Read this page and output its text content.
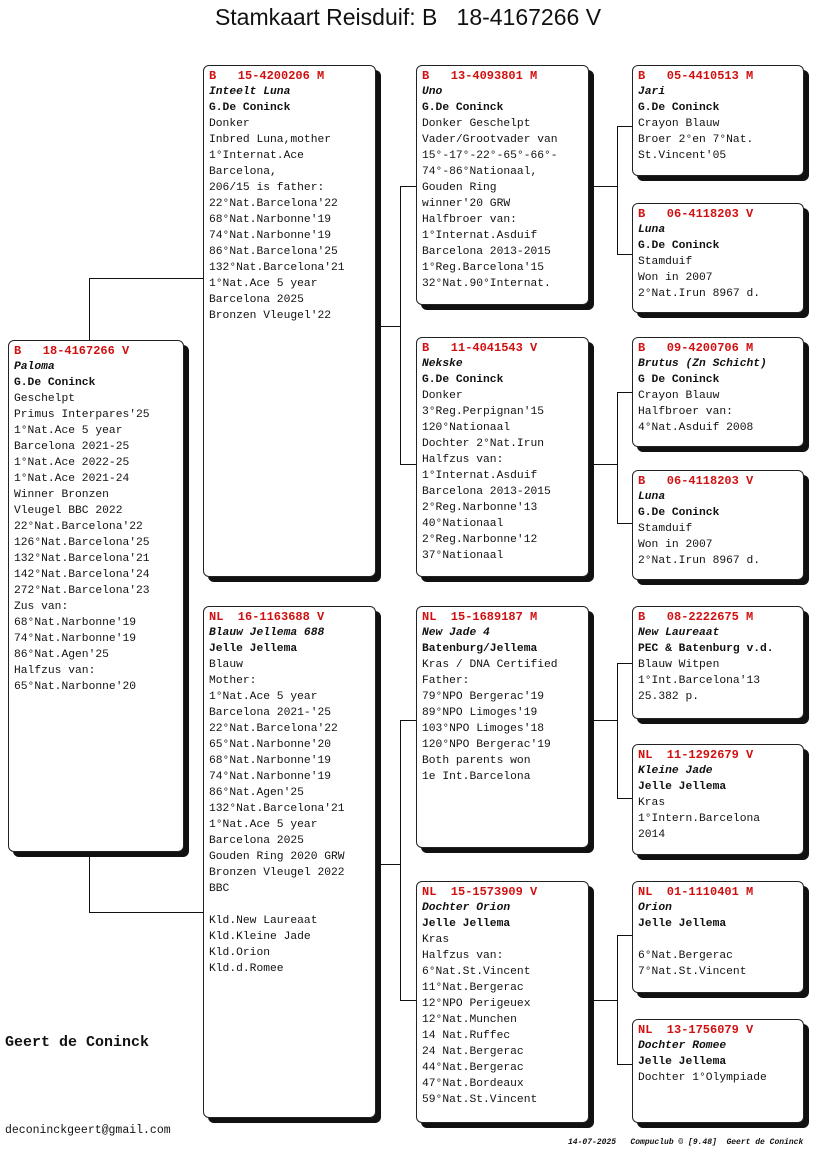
Stamkaart Reisduif: B   18-4167266 V
B   18-4167266 V
Paloma
G.De Coninck
Geschelpt
Primus Interpares'25
1°Nat.Ace 5 year
Barcelona 2021-25
1°Nat.Ace 2022-25
1°Nat.Ace 2021-24
Winner Bronzen
Vleugel BBC 2022
22°Nat.Barcelona'22
126°Nat.Barcelona'25
132°Nat.Barcelona'21
142°Nat.Barcelona'24
272°Nat.Barcelona'23
Zus van:
68°Nat.Narbonne'19
74°Nat.Narbonne'19
86°Nat.Agen'25
Halfzus van:
65°Nat.Narbonne'20
B   15-4200206 M
Inteelt Luna
G.De Coninck
Donker
Inbred Luna,mother
1°Internat.Ace
Barcelona,
206/15 is father:
22°Nat.Barcelona'22
68°Nat.Narbonne'19
74°Nat.Narbonne'19
86°Nat.Barcelona'25
132°Nat.Barcelona'21
1°Nat.Ace 5 year
Barcelona 2025
Bronzen Vleugel'22
NL  16-1163688 V
Blauw Jellema 688
Jelle Jellema
Blauw
Mother:
1°Nat.Ace 5 year
Barcelona 2021-'25
22°Nat.Barcelona'22
65°Nat.Narbonne'20
68°Nat.Narbonne'19
74°Nat.Narbonne'19
86°Nat.Agen'25
132°Nat.Barcelona'21
1°Nat.Ace 5 year
Barcelona 2025
Gouden Ring 2020 GRW
Bronzen Vleugel 2022
BBC

Kld.New Laureaat
Kld.Kleine Jade
Kld.Orion
Kld.d.Romee
B   13-4093801 M
Uno
G.De Coninck
Donker Geschelpt
Vader/Grootvader van
15°-17°-22°-65°-66°-
74°-86°Nationaal,
Gouden Ring
winner'20 GRW
Halfbroer van:
1°Internat.Asduif
Barcelona 2013-2015
1°Reg.Barcelona'15
32°Nat.90°Internat.
B   11-4041543 V
Nekske
G.De Coninck
Donker
3°Reg.Perpignan'15
120°Nationaal
Dochter 2°Nat.Irun
Halfzus van:
1°Internat.Asduif
Barcelona 2013-2015
2°Reg.Narbonne'13
40°Nationaal
2°Reg.Narbonne'12
37°Nationaal
NL  15-1689187 M
New Jade 4
Batenburg/Jellema
Kras / DNA Certified
Father:
79°NPO Bergerac'19
89°NPO Limoges'19
103°NPO Limoges'18
120°NPO Bergerac'19
Both parents won
1e Int.Barcelona
NL  15-1573909 V
Dochter Orion
Jelle Jellema
Kras
Halfzus van:
6°Nat.St.Vincent
11°Nat.Bergerac
12°NPO Perigeuex
12°Nat.Munchen
14 Nat.Ruffec
24 Nat.Bergerac
44°Nat.Bergerac
47°Nat.Bordeaux
59°Nat.St.Vincent
B   05-4410513 M
Jari
G.De Coninck
Crayon Blauw
Broer 2°en 7°Nat.
St.Vincent'05
B   06-4118203 V
Luna
G.De Coninck
Stamduif
Won in 2007
2°Nat.Irun 8967 d.
B   09-4200706 M
Brutus (Zn Schicht)
G De Coninck
Crayon Blauw
Halfbroer van:
4°Nat.Asduif 2008
B   06-4118203 V
Luna
G.De Coninck
Stamduif
Won in 2007
2°Nat.Irun 8967 d.
B   08-2222675 M
New Laureaat
PEC & Batenburg v.d.
Blauw Witpen
1°Int.Barcelona'13
25.382 p.
NL  11-1292679 V
Kleine Jade
Jelle Jellema
Kras
1°Intern.Barcelona
2014
NL  01-1110401 M
Orion
Jelle Jellema

6°Nat.Bergerac
7°Nat.St.Vincent
NL  13-1756079 V
Dochter Romee
Jelle Jellema
Dochter 1°Olympiade
Geert de Coninck
deconinckgeert@gmail.com
14-07-2025 Compuclub © [9.48] Geert de Coninck
